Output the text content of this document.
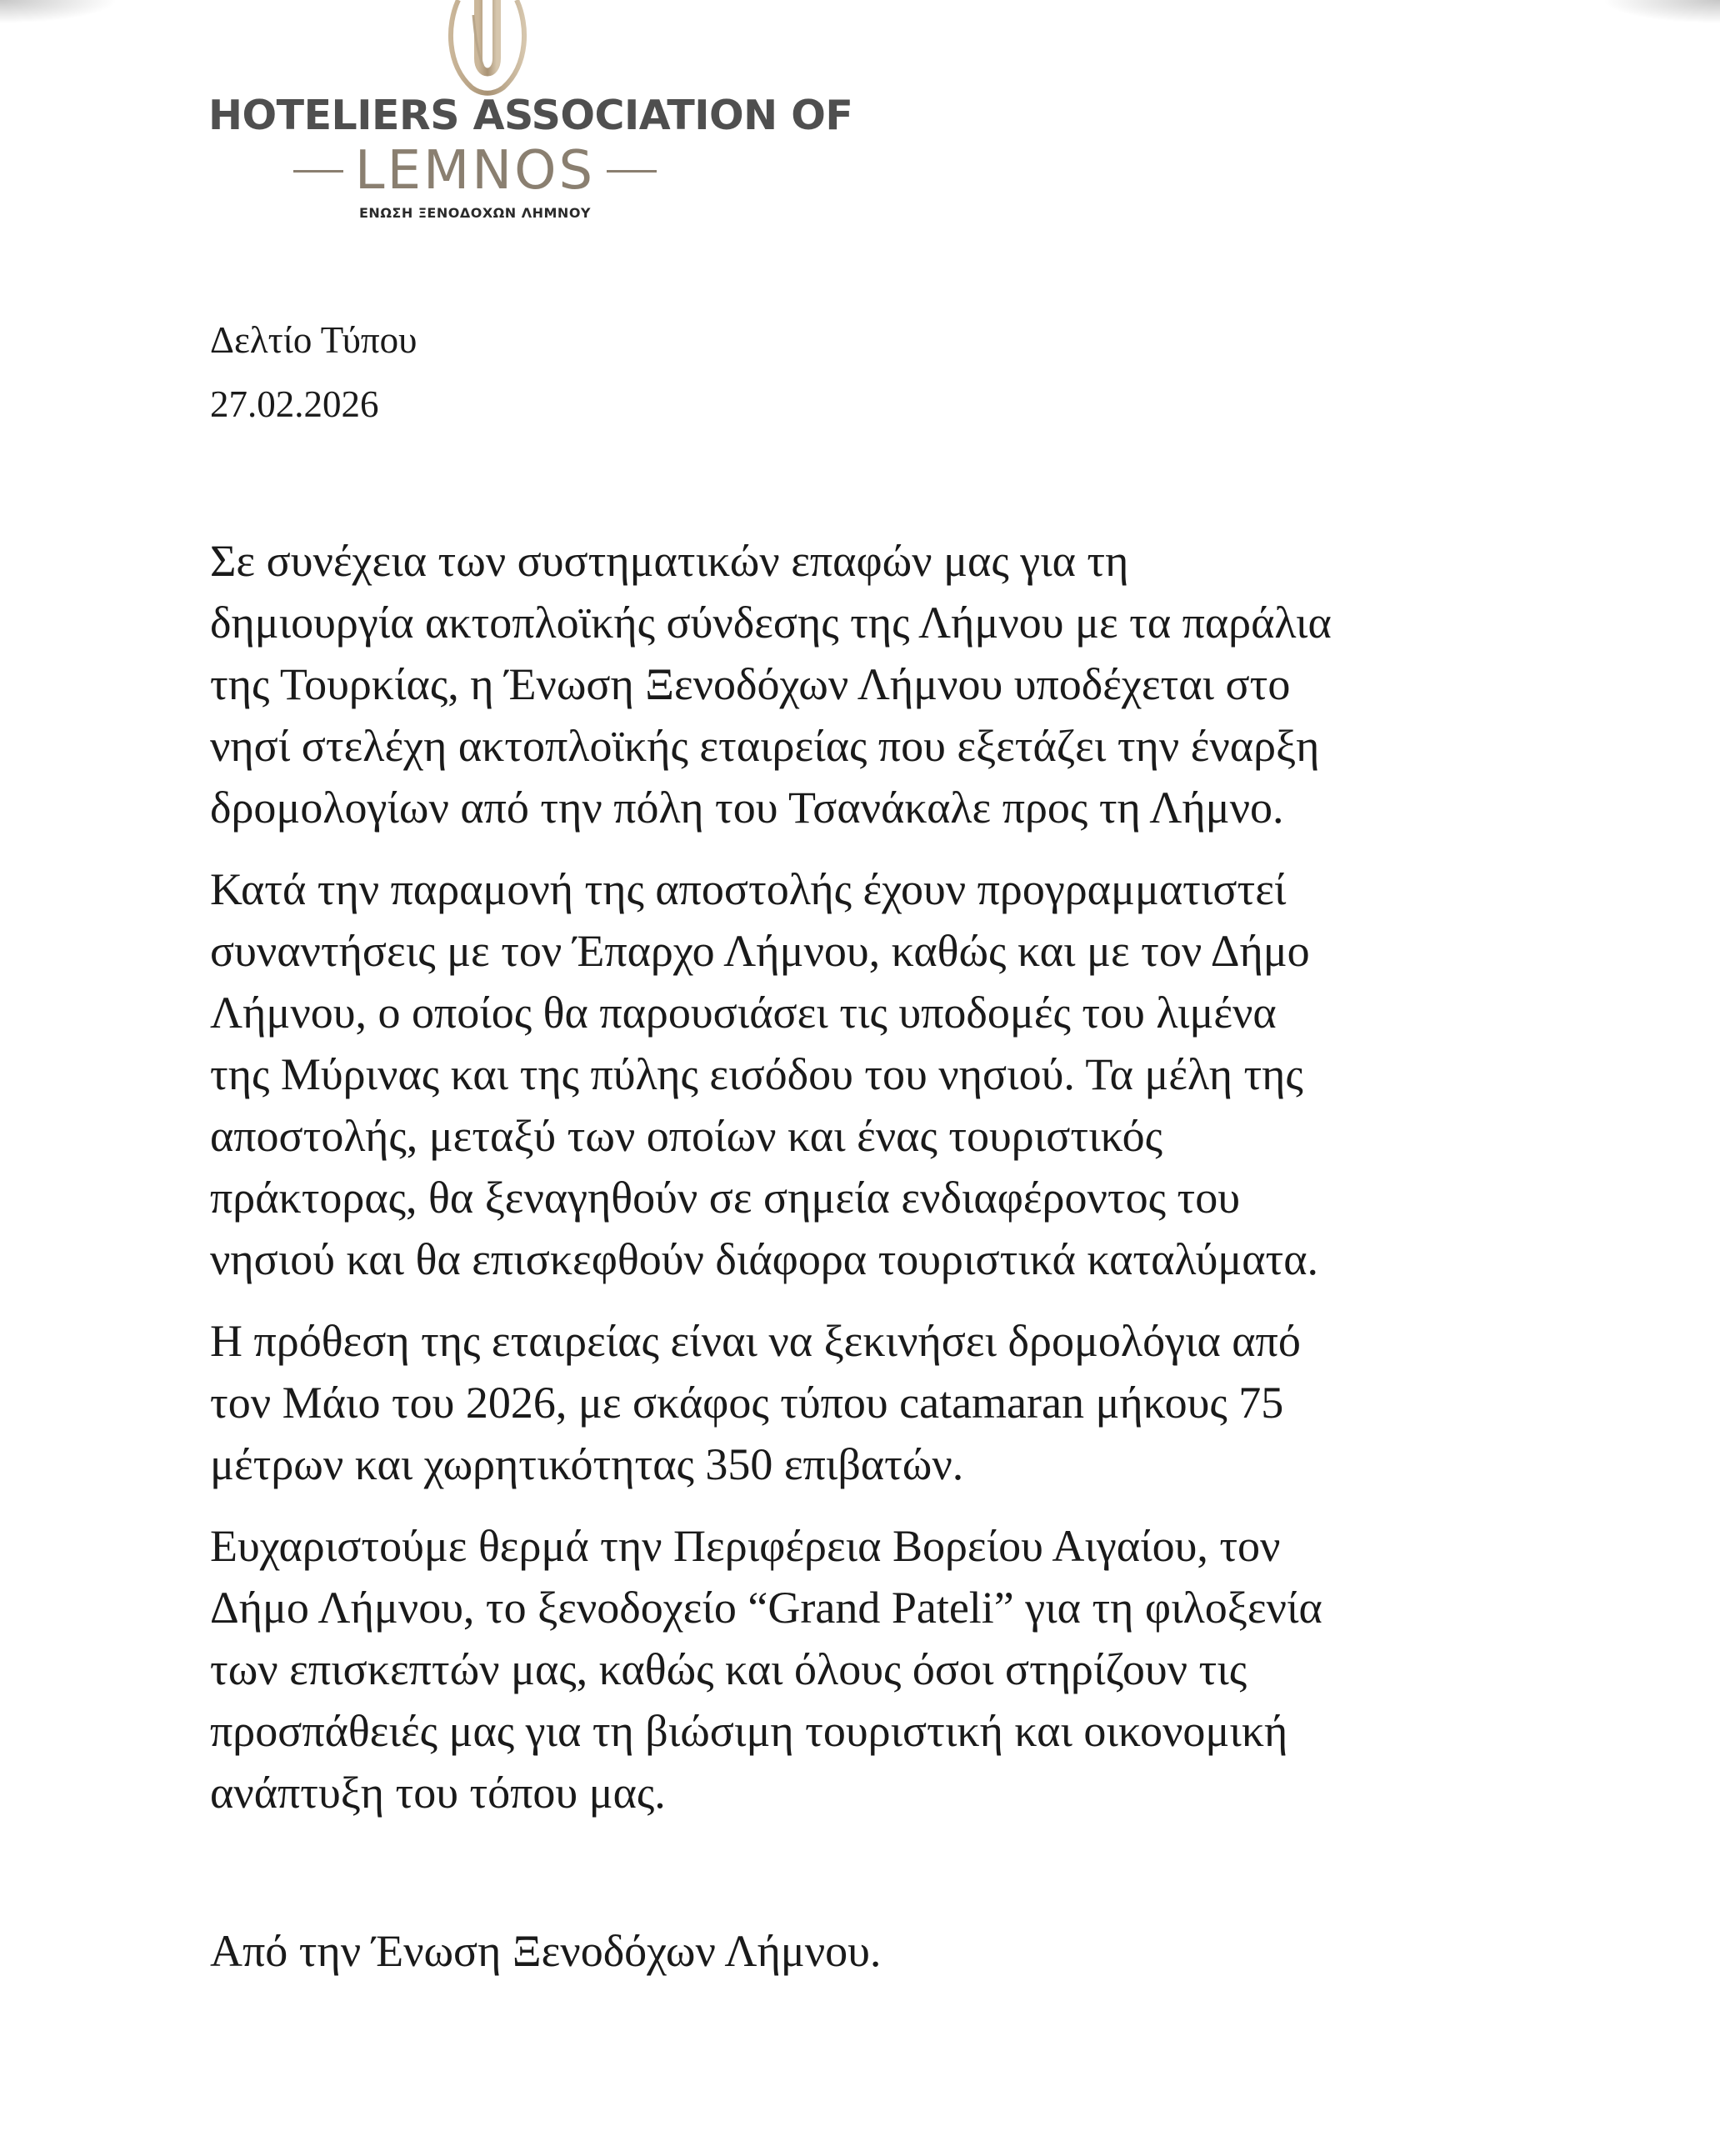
HOTELIERS ASSOCIATION OF
LEMNOS
ΕΝΩΣΗ ΞΕΝΟΔΟΧΩΝ ΛΗΜΝΟΥ
Δελτίο Τύπου
27.02.2026

Σε συνέχεια των συστηματικών επαφών μας για τη
δημιουργία ακτοπλοϊκής σύνδεσης της Λήμνου με τα παράλια
της Τουρκίας, η Ένωση Ξενοδόχων Λήμνου υποδέχεται στο
νησί στελέχη ακτοπλοϊκής εταιρείας που εξετάζει την έναρξη
δρομολογίων από την πόλη του Τσανάκαλε προς τη Λήμνο.

Κατά την παραμονή της αποστολής έχουν προγραμματιστεί
συναντήσεις με τον Έπαρχο Λήμνου, καθώς και με τον Δήμο
Λήμνου, ο οποίος θα παρουσιάσει τις υποδομές του λιμένα
της Μύρινας και της πύλης εισόδου του νησιού. Τα μέλη της
αποστολής, μεταξύ των οποίων και ένας τουριστικός
πράκτορας, θα ξεναγηθούν σε σημεία ενδιαφέροντος του
νησιού και θα επισκεφθούν διάφορα τουριστικά καταλύματα.

Η πρόθεση της εταιρείας είναι να ξεκινήσει δρομολόγια από
τον Μάιο του 2026, με σκάφος τύπου catamaran μήκους 75
μέτρων και χωρητικότητας 350 επιβατών.

Ευχαριστούμε θερμά την Περιφέρεια Βορείου Αιγαίου, τον
Δήμο Λήμνου, το ξενοδοχείο “Grand Pateli” για τη φιλοξενία
των επισκεπτών μας, καθώς και όλους όσοι στηρίζουν τις
προσπάθειές μας για τη βιώσιμη τουριστική και οικονομική
ανάπτυξη του τόπου μας.

Από την Ένωση Ξενοδόχων Λήμνου.
